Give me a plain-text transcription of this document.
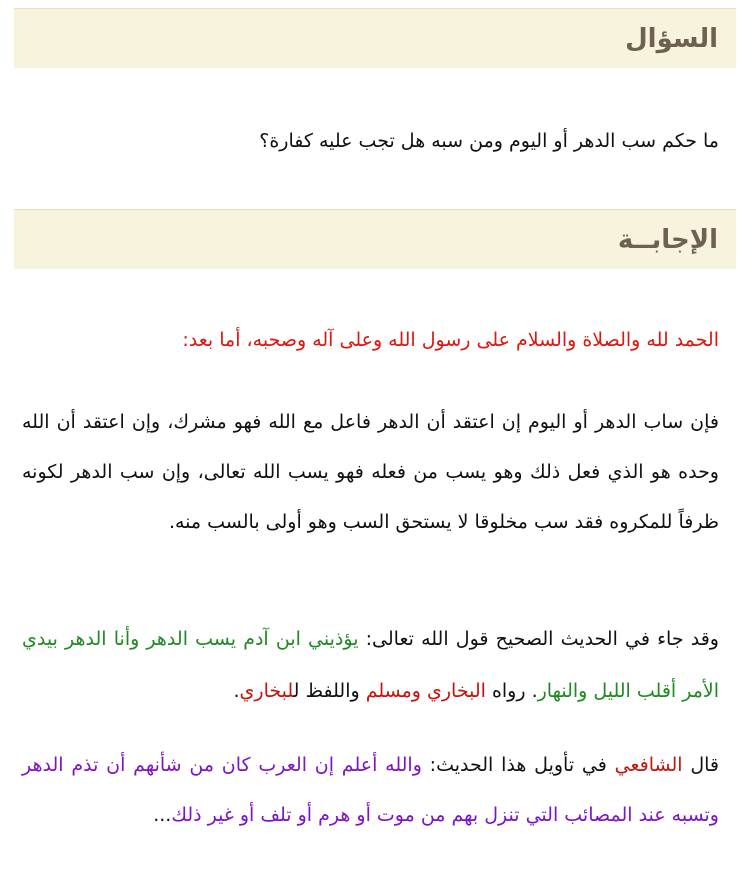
السؤال

ما حكم سب الدهر أو اليوم ومن سبه هل تجب عليه كفارة؟

الإجابــة

الحمد لله والصلاة والسلام على رسول الله وعلى آله وصحبه، أما بعد:

فإن ساب الدهر أو اليوم إن اعتقد أن الدهر فاعل مع الله فهو مشرك، وإن اعتقد أن الله وحده هو الذي فعل ذلك وهو يسب من فعله فهو يسب الله تعالى، وإن سب الدهر لكونه ظرفاً للمكروه فقد سب مخلوقا لا يستحق السب وهو أولى بالسب منه.

وقد جاء في الحديث الصحيح قول الله تعالى: يؤذيني ابن آدم يسب الدهر وأنا الدهر بيدي الأمر أقلب الليل والنهار. رواه البخاري ومسلم واللفظ للبخاري.

قال الشافعي في تأويل هذا الحديث: والله أعلم إن العرب كان من شأنهم أن تذم الدهر وتسبه عند المصائب التي تنزل بهم من موت أو هرم أو تلف أو غير ذلك...
